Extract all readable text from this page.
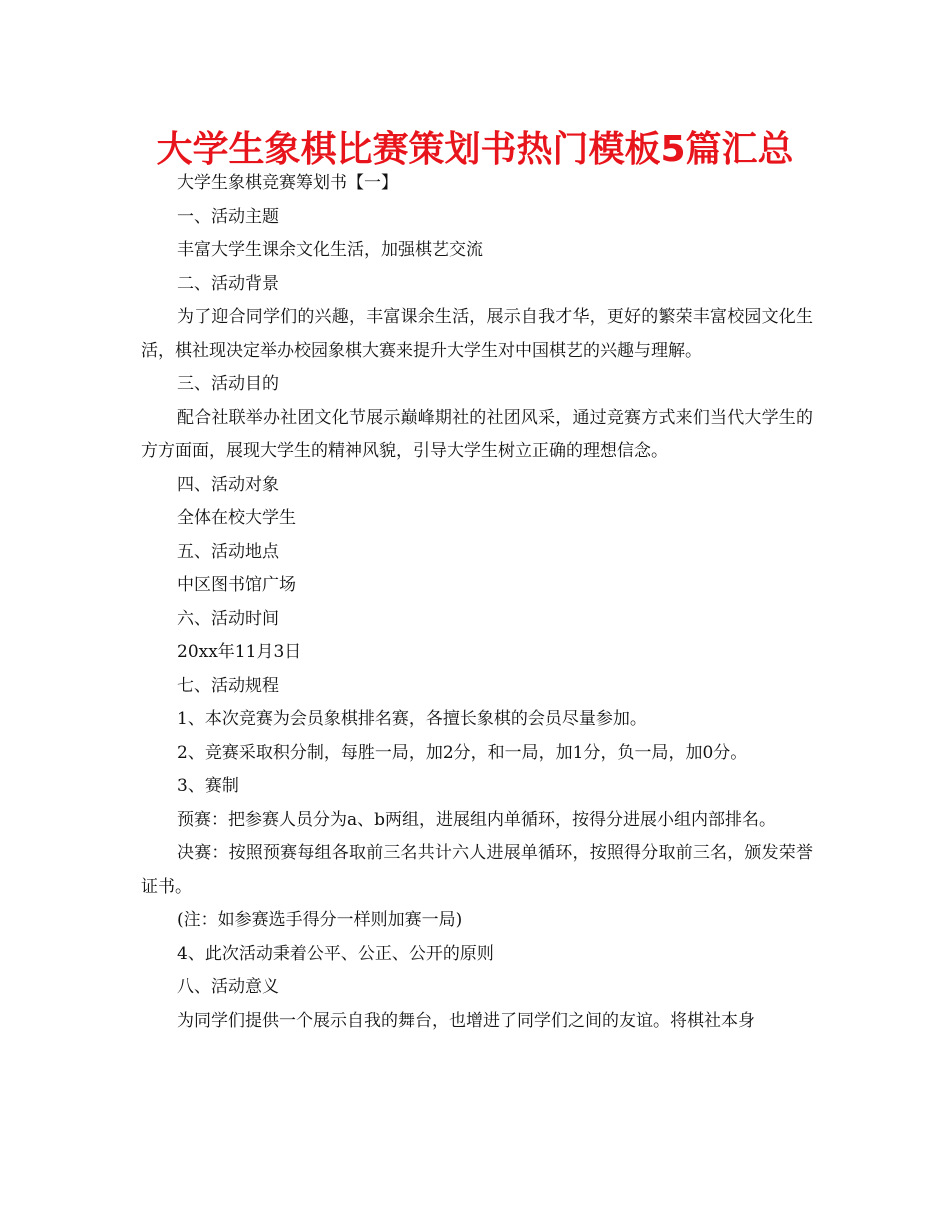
大学生象棋比赛策划书热门模板5篇汇总

大学生象棋竞赛筹划书【一】

一、活动主题

丰富大学生课余文化生活，加强棋艺交流

二、活动背景

为了迎合同学们的兴趣，丰富课余生活，展示自我才华，更好的繁荣丰富校园文化生活，棋社现决定举办校园象棋大赛来提升大学生对中国棋艺的兴趣与理解。

三、活动目的

配合社联举办社团文化节展示巅峰期社的社团风采，通过竞赛方式来们当代大学生的方方面面，展现大学生的精神风貌，引导大学生树立正确的理想信念。

四、活动对象

全体在校大学生

五、活动地点

中区图书馆广场

六、活动时间

20xx年11月3日

七、活动规程

1、本次竞赛为会员象棋排名赛，各擅长象棋的会员尽量参加。

2、竞赛采取积分制，每胜一局，加2分，和一局，加1分，负一局，加0分。

3、赛制

预赛：把参赛人员分为a、b两组，进展组内单循环，按得分进展小组内部排名。

决赛：按照预赛每组各取前三名共计六人进展单循环，按照得分取前三名，颁发荣誉证书。

(注：如参赛选手得分一样则加赛一局)

4、此次活动秉着公平、公正、公开的原则

八、活动意义

为同学们提供一个展示自我的舞台，也增进了同学们之间的友谊。将棋社本身
